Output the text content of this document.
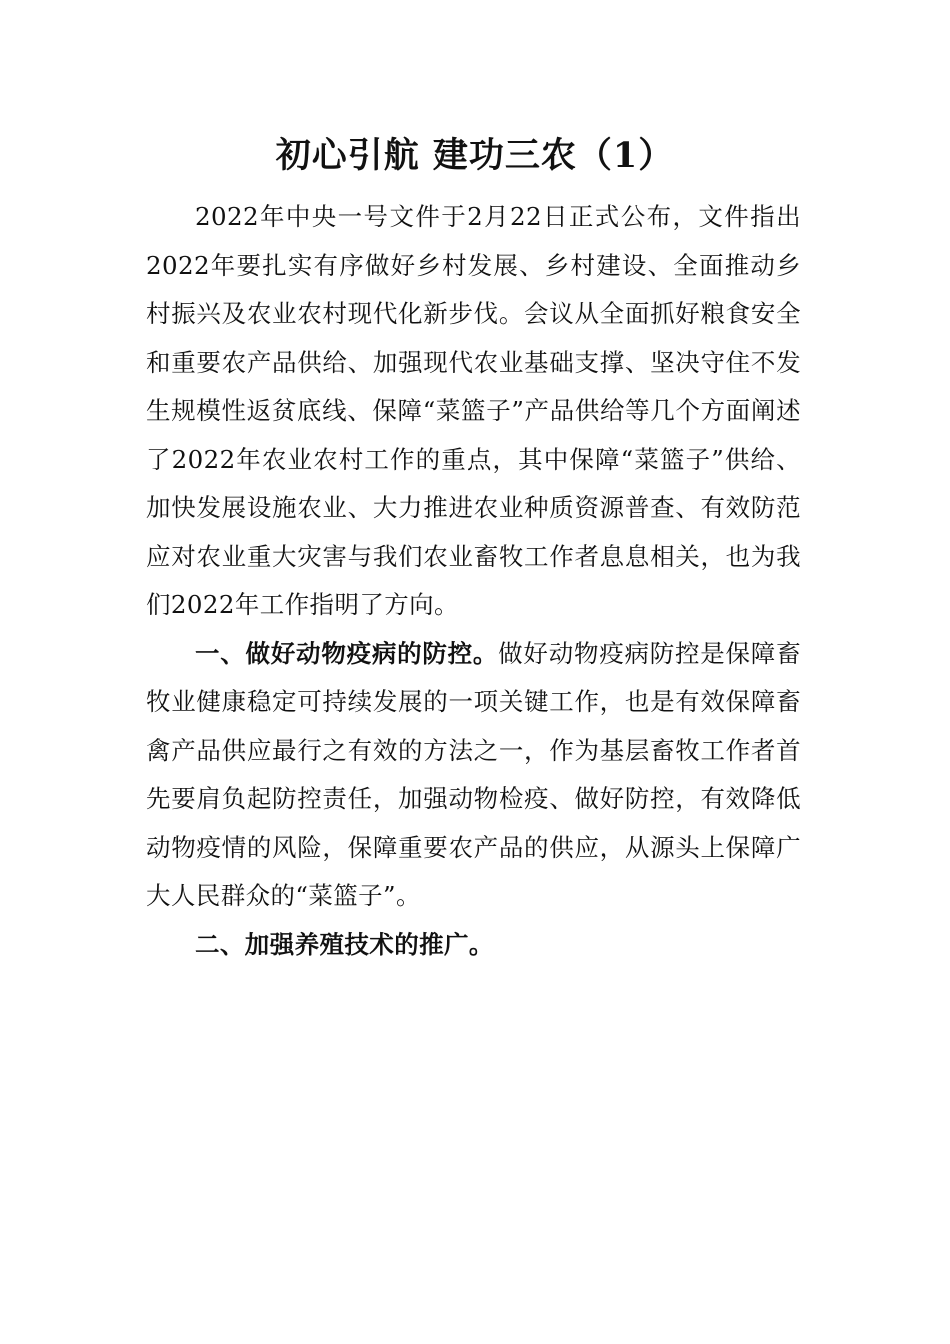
初心引航 建功三农（1）

2022年中央一号文件于2月22日正式公布，文件指出2022年要扎实有序做好乡村发展、乡村建设、全面推动乡村振兴及农业农村现代化新步伐。会议从全面抓好粮食安全和重要农产品供给、加强现代农业基础支撑、坚决守住不发生规模性返贫底线、保障“菜篮子”产品供给等几个方面阐述了2022年农业农村工作的重点，其中保障“菜篮子”供给、加快发展设施农业、大力推进农业种质资源普查、有效防范应对农业重大灾害与我们农业畜牧工作者息息相关，也为我们2022年工作指明了方向。

一、做好动物疫病的防控。做好动物疫病防控是保障畜牧业健康稳定可持续发展的一项关键工作，也是有效保障畜禽产品供应最行之有效的方法之一，作为基层畜牧工作者首先要肩负起防控责任，加强动物检疫、做好防控，有效降低动物疫情的风险，保障重要农产品的供应，从源头上保障广大人民群众的“菜篮子”。

二、加强养殖技术的推广。
